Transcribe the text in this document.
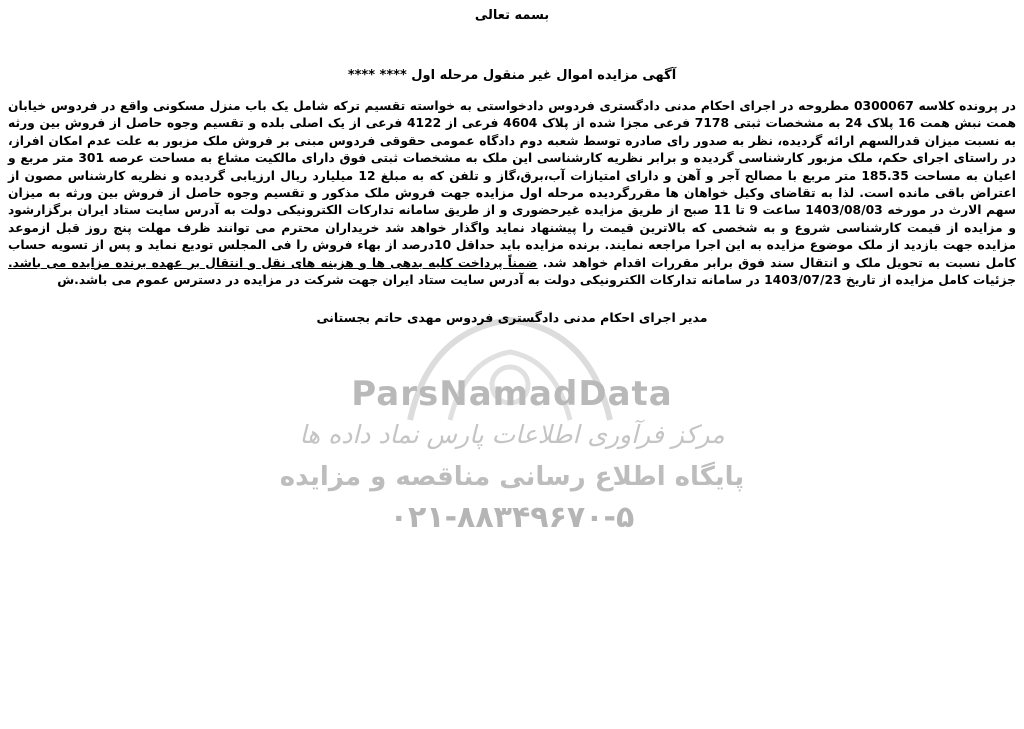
ParsNamadData
مرکز فرآوری اطلاعات پارس نماد داده ها
پایگاه اطلاع رسانی مناقصه و مزایده
۰۲۱-۸۸۳۴۹۶۷۰-۵
بسمه تعالی
آگهی مزایده اموال غیر منقول مرحله اول **** ****

در پرونده کلاسه 0300067 مطروحه در اجرای احکام مدنی دادگستری فردوس دادخواستی به خواسته تقسیم ترکه شامل یک باب منزل مسکونی واقع در فردوس خیابان همت نبش همت 16 پلاک 24 به مشخصات ثبتی 7178 فرعی مجزا شده از پلاک 4604 فرعی از 4122 فرعی از یک اصلی بلده و تقسیم وجوه حاصل از فروش بین ورثه به نسبت میزان قدرالسهم ارائه گردیده، نظر به صدور رای صادره توسط شعبه دوم دادگاه عمومی حقوقی فردوس مبنی بر فروش ملک مزبور به علت عدم امکان افراز، در راستای اجرای حکم، ملک مزبور کارشناسی گردیده و برابر نظریه کارشناسی این ملک به مشخصات ثبتی فوق دارای مالکیت مشاع به مساحت عرصه 301 متر مربع و اعیان به مساحت 185.35 متر مربع با مصالح آجر و آهن و دارای امتیازات آب،برق،گاز و تلفن که به مبلغ 12 میلیارد ریال ارزیابی گردیده و نظریه کارشناس مصون از اعتراض باقی مانده است. لذا به تقاضای وکیل خواهان ها مقررگردیده مرحله اول مزایده جهت فروش ملک مذکور و تقسیم وجوه حاصل از فروش بین ورثه به میزان سهم الارث در مورخه 1403/08/03 ساعت 9 تا 11 صبح از طریق مزایده غیرحضوری و از طریق سامانه تدارکات الکترونیکی دولت به آدرس سایت ستاد ایران برگزارشود و مزایده از قیمت کارشناسی شروع و به شخصی که بالاترین قیمت را پیشنهاد نماید واگذار خواهد شد خریداران محترم می توانند ظرف مهلت پنج روز قبل ازموعد مزایده جهت بازدید از ملک موضوع مزایده به این اجرا مراجعه نمایند. برنده مزایده باید حداقل 10درصد از بهاء فروش را فی المجلس تودیع نماید و پس از تسویه حساب کامل نسبت به تحویل ملک و انتقال سند فوق برابر مقررات اقدام خواهد شد. ضمناً پرداخت کلیه بدهی ها و هزینه های نقل و انتقال بر عهده برنده مزایده می باشد. جزئیات کامل مزایده از تاریخ 1403/07/23 در سامانه تدارکات الکترونیکی دولت به آدرس سایت ستاد ایران جهت شرکت در مزایده در دسترس عموم می باشد.ش

مدیر اجرای احکام مدنی دادگستری فردوس مهدی حاتم بجستانی
